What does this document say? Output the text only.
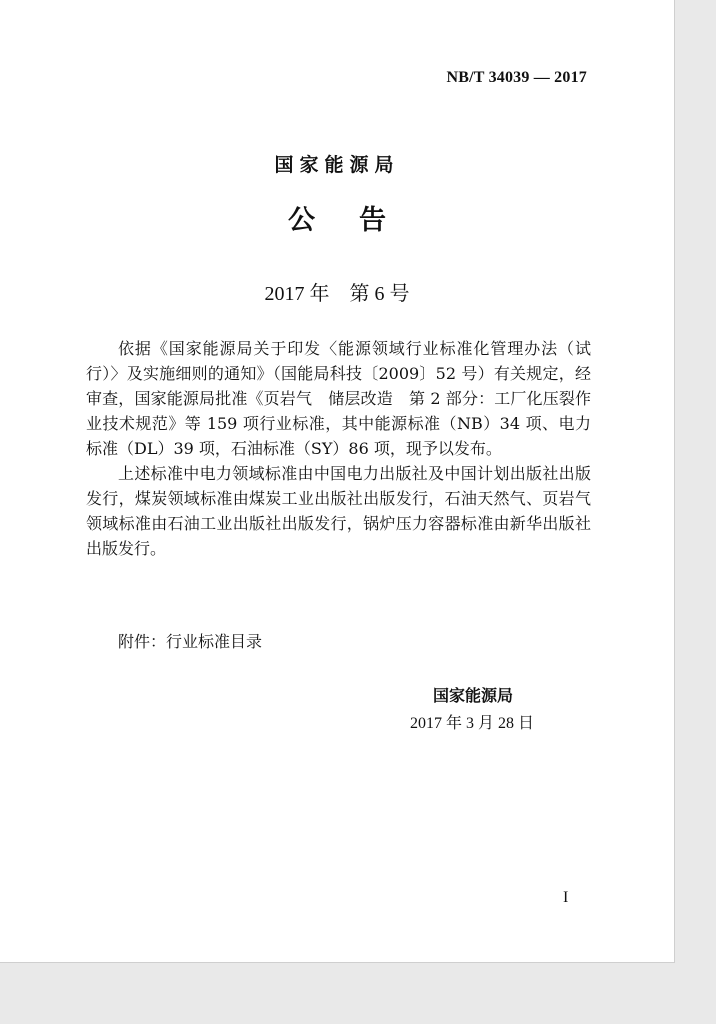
NB/T 34039 — 2017
国家能源局
公 告
2017 年　第 6 号

依据《国家能源局关于印发〈能源领域行业标准化管理办法（试行）〉及实施细则的通知》（国能局科技〔2009〕52 号）有关规定，经审查，国家能源局批准《页岩气　储层改造　第 2 部分：工厂化压裂作业技术规范》等 159 项行业标准，其中能源标准（NB）34 项、电力标准（DL）39 项，石油标准（SY）86 项，现予以发布。

上述标准中电力领域标准由中国电力出版社及中国计划出版社出版发行，煤炭领域标准由煤炭工业出版社出版发行，石油天然气、页岩气领域标准由石油工业出版社出版发行，锅炉压力容器标准由新华出版社出版发行。

附件：行业标准目录
国家能源局
2017 年 3 月 28 日
I
